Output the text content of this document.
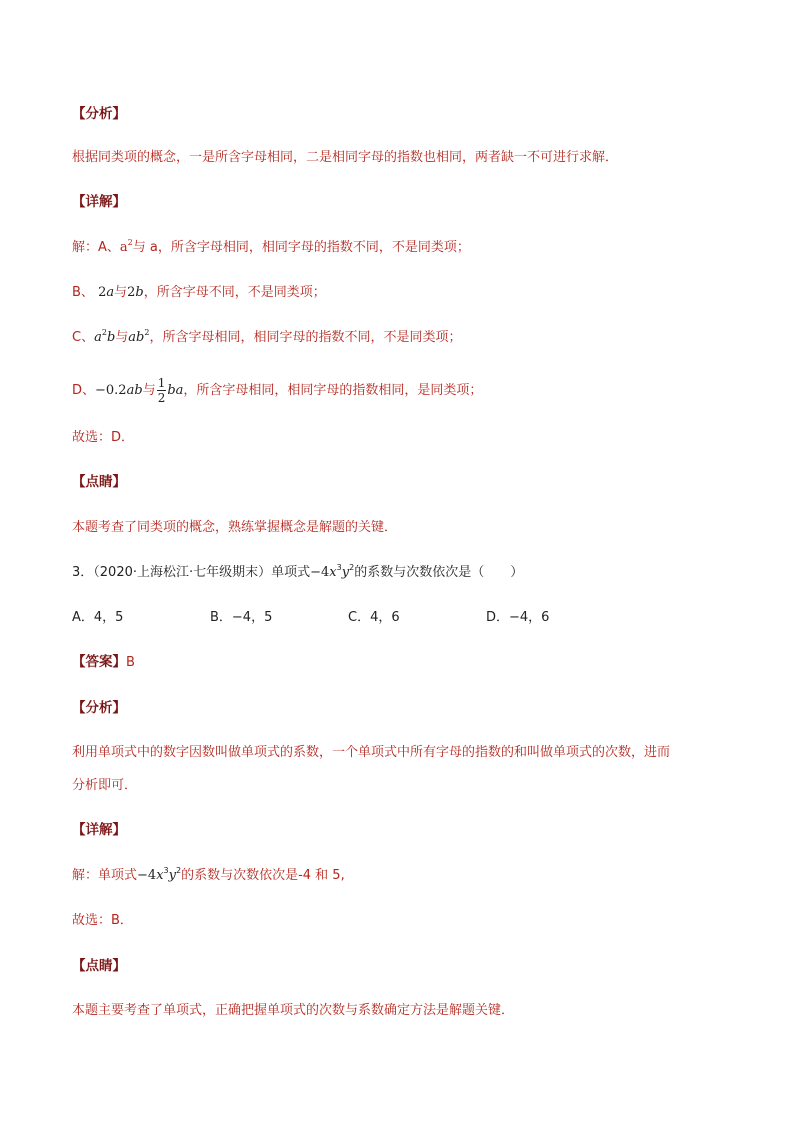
【分析】
根据同类项的概念，一是所含字母相同，二是相同字母的指数也相同，两者缺一不可进行求解．
【详解】
解：A、$a^2$与 a，所含字母相同，相同字母的指数不同，不是同类项；
B、 2a与2b，所含字母不同，不是同类项；
C、$a^2b$与$ab^2$，所含字母相同，相同字母的指数不同，不是同类项；
D、−0.2ab与 $\frac{1}{2}$ ba，所含字母相同，相同字母的指数相同，是同类项；
故选：D．
【点睛】
本题考查了同类项的概念，熟练掌握概念是解题的关键．
3．（2020·上海松江·七年级期末）单项式$-4x^3y^2$的系数与次数依次是（　　）
A．4，5	B．−4，5	C．4，6	D．−4，6
【答案】B
【分析】
利用单项式中的数字因数叫做单项式的系数，一个单项式中所有字母的指数的和叫做单项式的次数，进而
分析即可．
【详解】
解：单项式$-4x^3y^2$的系数与次数依次是-4 和 5,
故选：B．
【点睛】
本题主要考查了单项式，正确把握单项式的次数与系数确定方法是解题关键．
